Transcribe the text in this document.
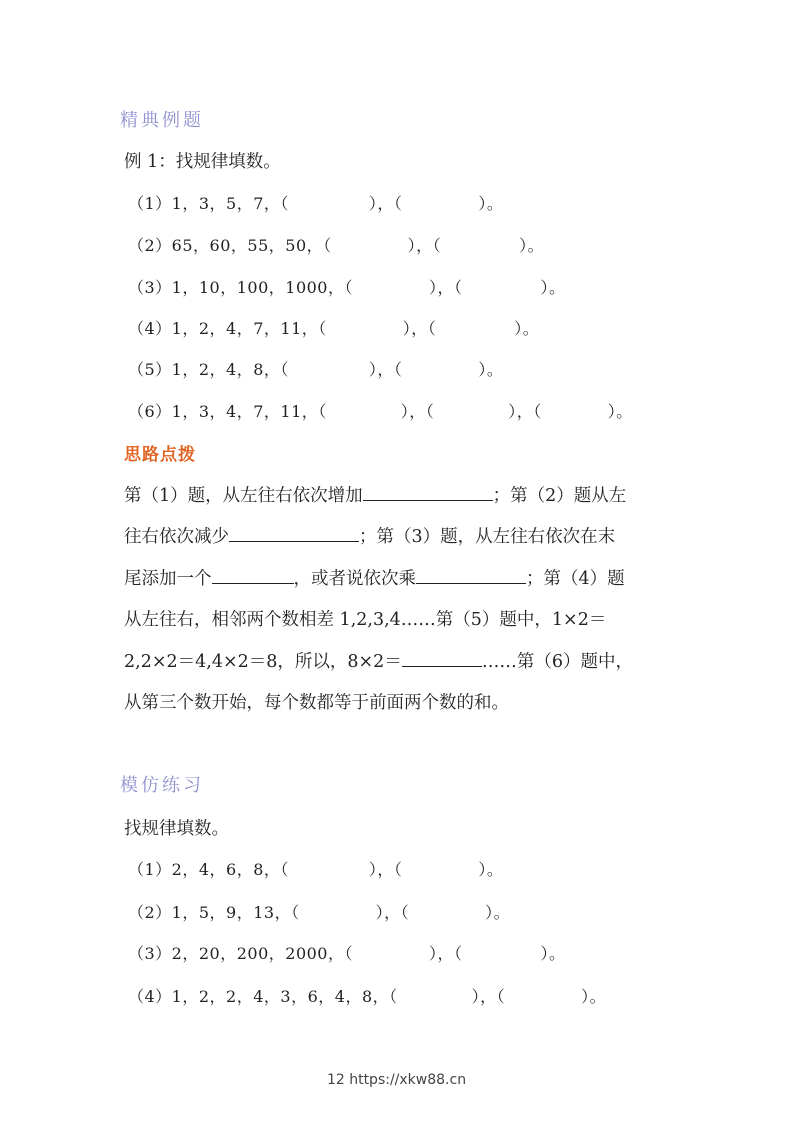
精典例题
例 1：找规律填数。
（1）1，3，5，7，（	），（	）。
（2）65，60，55，50，（	），（	）。
（3）1，10，100，1000，（	），（	）。
（4）1，2，4，7，11，（	），（	）。
（5）1，2，4，8，（	），（	）。
（6）1，3，4，7，11，（	），（	），（	）。
思路点拨
第（1）题，从左往右依次增加	；第（2）题从左
往右依次减少	；第（3）题，从左往右依次在末
尾添加一个	，或者说依次乘	；第（4）题
从左往右，相邻两个数相差 1,2,3,4……第（5）题中，1×2＝
2,2×2＝4,4×2＝8，所以，8×2＝	……第（6）题中，
从第三个数开始，每个数都等于前面两个数的和。
模仿练习
找规律填数。
（1）2，4，6，8，（	），（	）。
（2）1，5，9，13，（	），（	）。
（3）2，20，200，2000，（	），（	）。
（4）1，2，2，4，3，6，4，8，（	），（	）。
12 https://xkw88.cn
